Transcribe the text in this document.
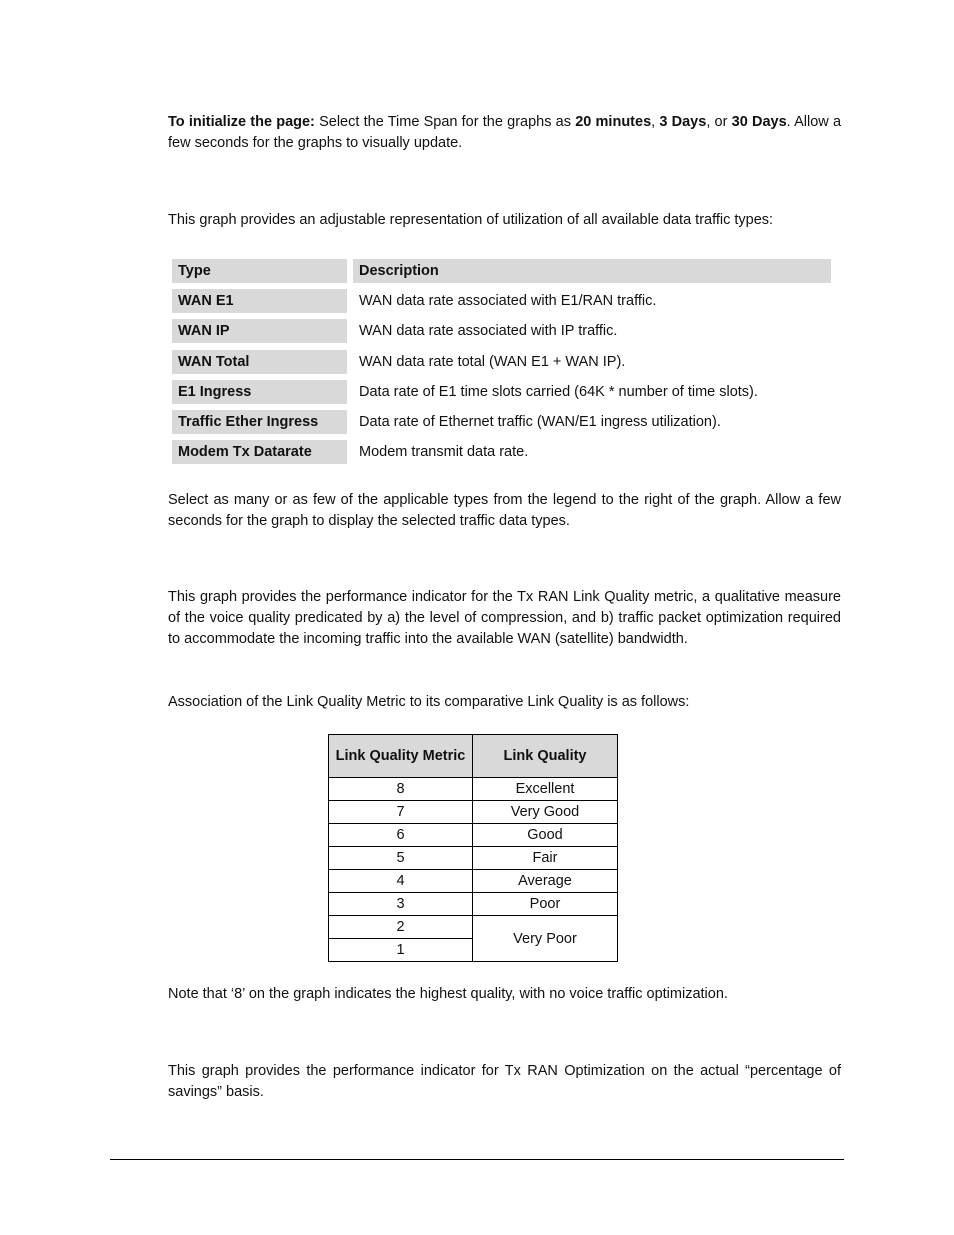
To initialize the page: Select the Time Span for the graphs as 20 minutes, 3 Days, or 30 Days. Allow a few seconds for the graphs to visually update.

This graph provides an adjustable representation of utilization of all available data traffic types:

Type		Description

WAN E1		WAN data rate associated with E1/RAN traffic.

WAN IP		WAN data rate associated with IP traffic.

WAN Total		WAN data rate total (WAN E1 + WAN IP).

E1 Ingress		Data rate of E1 time slots carried (64K * number of time slots).

Traffic Ether Ingress		Data rate of Ethernet traffic (WAN/E1 ingress utilization).

Modem Tx Datarate		Modem transmit data rate.

Select as many or as few of the applicable types from the legend to the right of the graph. Allow a few seconds for the graph to display the selected traffic data types.

This graph provides the performance indicator for the Tx RAN Link Quality metric, a qualitative measure of the voice quality predicated by a) the level of compression, and b) traffic packet optimization required to accommodate the incoming traffic into the available WAN (satellite) bandwidth.

Association of the Link Quality Metric to its comparative Link Quality is as follows:

Link Quality Metric	Link Quality
8	Excellent
7	Very Good
6	Good
5	Fair
4	Average
3	Poor
2	Very Poor
1	

Note that ‘8’ on the graph indicates the highest quality, with no voice traffic optimization.

This graph provides the performance indicator for Tx RAN Optimization on the actual “percentage of savings” basis.
